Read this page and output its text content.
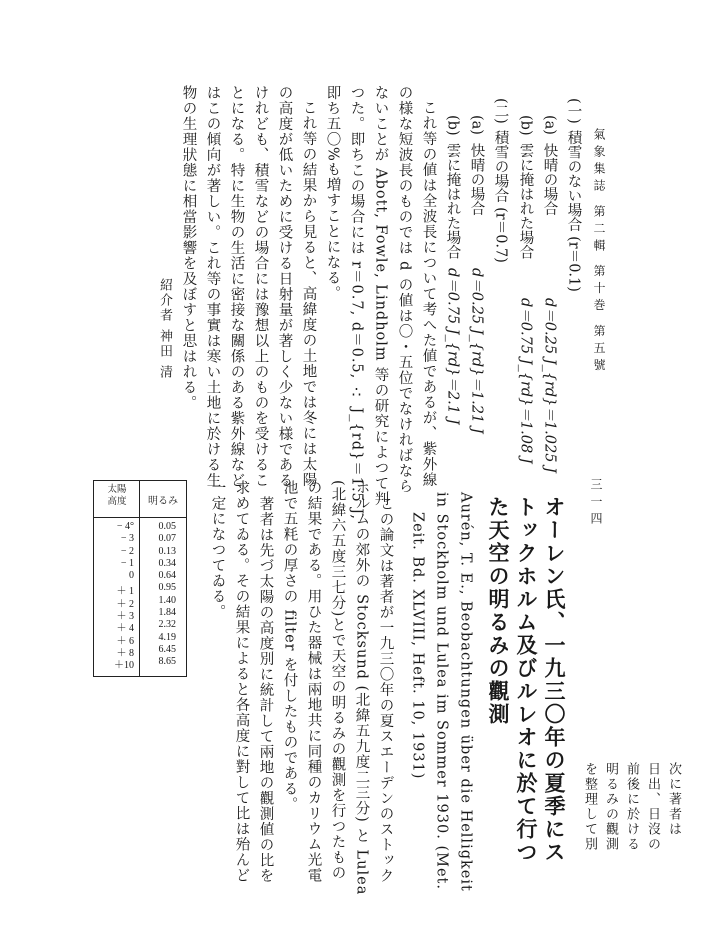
氣象集誌 第二輯 第十巻 第五號
三一四
(一)
積雪のない場合 (r＝0.1)
(a)
快晴の場合
d＝0.25 J_{rd}＝1.025 J
(b)
雲に掩はれた場合
d＝0.75 J_{rd}＝1.08 J
(二)
積雪の場合 (r＝0.7)
(a)
快晴の場合
d＝0.25 J_{rd}＝1.21 J
(b)
雲に掩はれた場合
d＝0.75 J_{rd}＝2.1 J
これ等の値は全波長について考へた値であるが、紫外線
の様な短波長のものでは d の値は〇・五位でなければなら
ないことが Abott, Fowle, Lindholm 等の研究によつて判
つた。即ちこの場合には r＝0.7, d＝0.5, ∴ J_{rd}＝1.5 J,
即ち五〇%も増すことになる。
これ等の結果から見ると、高緯度の土地では冬には太陽
の高度が低いために受ける日射量が著しく少ない様である
けれども、積雪などの場合には豫想以上のものを受けるこ
とになる。特に生物の生活に密接な關係のある紫外線など
はこの傾向が著しい。これ等の事實は寒い土地に於ける生
物の生理狀態に相當影響を及ぼすと思はれる。
紹介者 神田 清
オーレン氏、一九三〇年の夏季にス
トックホルム及びルレオに於て行つ
た天空の明るみの觀測
Aurén, T. E., Beobachtungen über die Helligkeit
in Stockholm und Lulea im Sommer 1930. (Met.
Zeit. Bd. XLVIII, Heft. 10, 1931)
この論文は著者が一九三〇年の夏スエーデンのストック
ホルムの郊外の Stocksund (北緯五九度二三分) と Lulea
(北緯六五度三七分)とで天空の明るみの觀測を行つたもの
の結果である。用ひた器械は兩地共に同種のカリウム光電
池で五粍の厚さの filter を付したものである。
著者は先づ太陽の高度別に統計して兩地の觀測値の比を
求めてゐる。その結果によると各高度に對して比は殆んど
一定になつてゐる。
次に著者は
日出、日沒の
前後に於ける
明るみの觀測
を整理して別
太陽
高度	明るみ
− 4°	0.05
− 3	0.07
− 2	0.13
− 1	0.34
0	0.64
＋ 1	0.95
＋ 2	1.40
＋ 3	1.84
＋ 4	2.32
＋ 6	4.19
＋ 8	6.45
＋10	8.65
